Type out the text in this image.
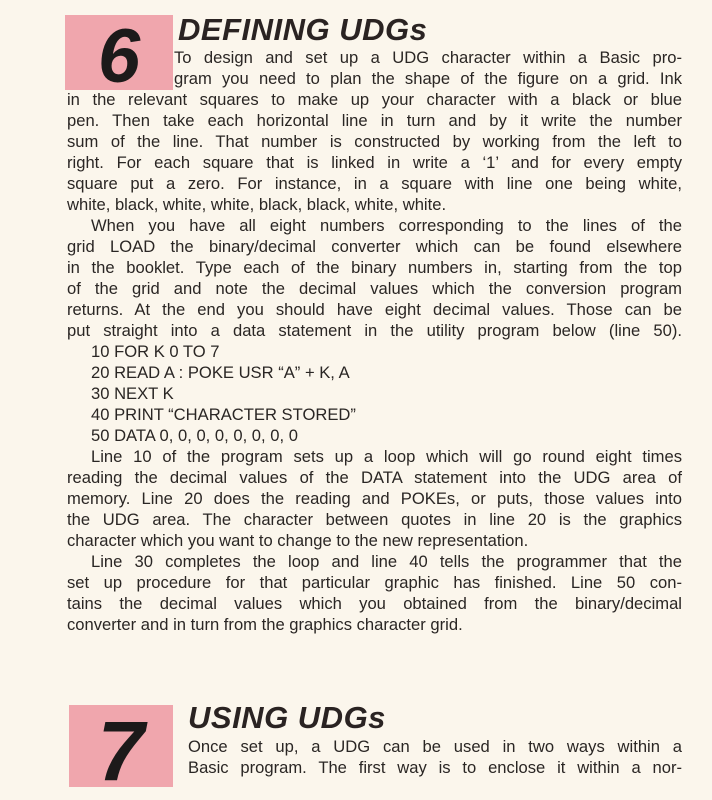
6 DEFINING UDGs
To design and set up a UDG character within a Basic pro-
gram you need to plan the shape of the figure on a grid. Ink
in the relevant squares to make up your character with a black or blue
pen. Then take each horizontal line in turn and by it write the number
sum of the line. That number is constructed by working from the left to
right. For each square that is linked in write a ‘1’ and for every empty
square put a zero. For instance, in a square with line one being white,
white, black, white, white, black, black, white, white.
When you have all eight numbers corresponding to the lines of the
grid LOAD the binary/decimal converter which can be found elsewhere
in the booklet. Type each of the binary numbers in, starting from the top
of the grid and note the decimal values which the conversion program
returns. At the end you should have eight decimal values. Those can be
put straight into a data statement in the utility program below (line 50).
10 FOR K 0 TO 7
20 READ A : POKE USR “A” + K, A
30 NEXT K
40 PRINT “CHARACTER STORED”
50 DATA 0, 0, 0, 0, 0, 0, 0, 0
Line 10 of the program sets up a loop which will go round eight times
reading the decimal values of the DATA statement into the UDG area of
memory. Line 20 does the reading and POKEs, or puts, those values into
the UDG area. The character between quotes in line 20 is the graphics
character which you want to change to the new representation.
Line 30 completes the loop and line 40 tells the programmer that the
set up procedure for that particular graphic has finished. Line 50 con-
tains the decimal values which you obtained from the binary/decimal
converter and in turn from the graphics character grid.
7 USING UDGs
Once set up, a UDG can be used in two ways within a
Basic program. The first way is to enclose it within a nor-
